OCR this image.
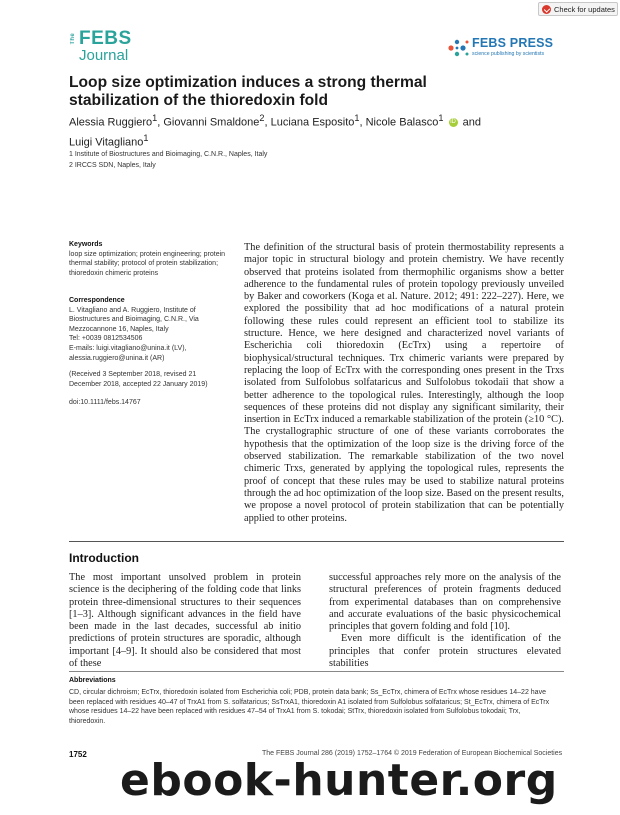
Check for updates
The FEBS
Journal
FEBS PRESS
science publishing by scientists
Loop size optimization induces a strong thermal stabilization of the thioredoxin fold
Alessia Ruggiero$^1$, Giovanni Smaldone$^2$, Luciana Esposito$^1$, Nicole Balasco$^1$ iD and
Luigi Vitagliano$^1$
1 Institute of Biostructures and Bioimaging, C.N.R., Naples, Italy
2 IRCCS SDN, Naples, Italy
Keywords
loop size optimization; protein engineering; protein thermal stability; protocol of protein stabilization; thioredoxin chimeric proteins
Correspondence
L. Vitagliano and A. Ruggiero, Institute of
Biostructures and Bioimaging, C.N.R., Via
Mezzocannone 16, Naples, Italy
Tel: +0039 0812534506
E-mails: luigi.vitagliano@unina.it (LV),
alessia.ruggiero@unina.it (AR)
(Received 3 September 2018, revised 21 December 2018, accepted 22 January 2019)
doi:10.1111/febs.14767
The definition of the structural basis of protein thermostability represents a major topic in structural biology and protein chemistry. We have recently observed that proteins isolated from thermophilic organisms show a better adherence to the fundamental rules of protein topology previously unveiled by Baker and coworkers (Koga et al. Nature. 2012; 491: 222–227). Here, we explored the possibility that ad hoc modifications of a natural protein following these rules could represent an efficient tool to stabilize its structure. Hence, we here designed and characterized novel variants of Escherichia coli thioredoxin (EcTrx) using a repertoire of biophysical/structural techniques. Trx chimeric variants were prepared by replacing the loop of EcTrx with the corresponding ones present in the Trxs isolated from Sulfolobus solfataricus and Sulfolobus tokodaii that show a better adherence to the topological rules. Interestingly, although the loop sequences of these proteins did not display any significant similarity, their insertion in EcTrx induced a remarkable stabilization of the protein (≥10 °C). The crystallographic structure of one of these variants corroborates the hypothesis that the optimization of the loop size is the driving force of the observed stabilization. The remarkable stabilization of the two novel chimeric Trxs, generated by applying the topological rules, represents the proof of concept that these rules may be used to stabilize natural proteins through the ad hoc optimization of the loop size. Based on the present results, we propose a novel protocol of protein stabilization that can be potentially applied to other proteins.
Introduction

The most important unsolved problem in protein science is the deciphering of the folding code that links protein three-dimensional structures to their sequences [1–3]. Although significant advances in the field have been made in the last decades, successful ab initio predictions of protein structures are sporadic, although important [4–9]. It should also be considered that most of these

successful approaches rely more on the analysis of the structural preferences of protein fragments deduced from experimental databases than on comprehensive and accurate evaluations of the basic physicochemical principles that govern folding and fold [10].

Even more difficult is the identification of the principles that confer protein structures elevated stabilities

Abbreviations
CD, circular dichroism; EcTrx, thioredoxin isolated from Escherichia coli; PDB, protein data bank; Ss_EcTrx, chimera of EcTrx whose residues 14–22 have been replaced with residues 40–47 of TrxA1 from S. solfataricus; SsTrxA1, thioredoxin A1 isolated from Sulfolobus solfataricus; St_EcTrx, chimera of EcTrx whose residues 14–22 have been replaced with residues 47–54 of TrxA1 from S. tokodai; StTrx, thioredoxin isolated from Sulfolobus tokodaii; Trx, thioredoxin.
1752	The FEBS Journal 286 (2019) 1752–1764 © 2019 Federation of European Biochemical Societies
ebook-hunter.org
